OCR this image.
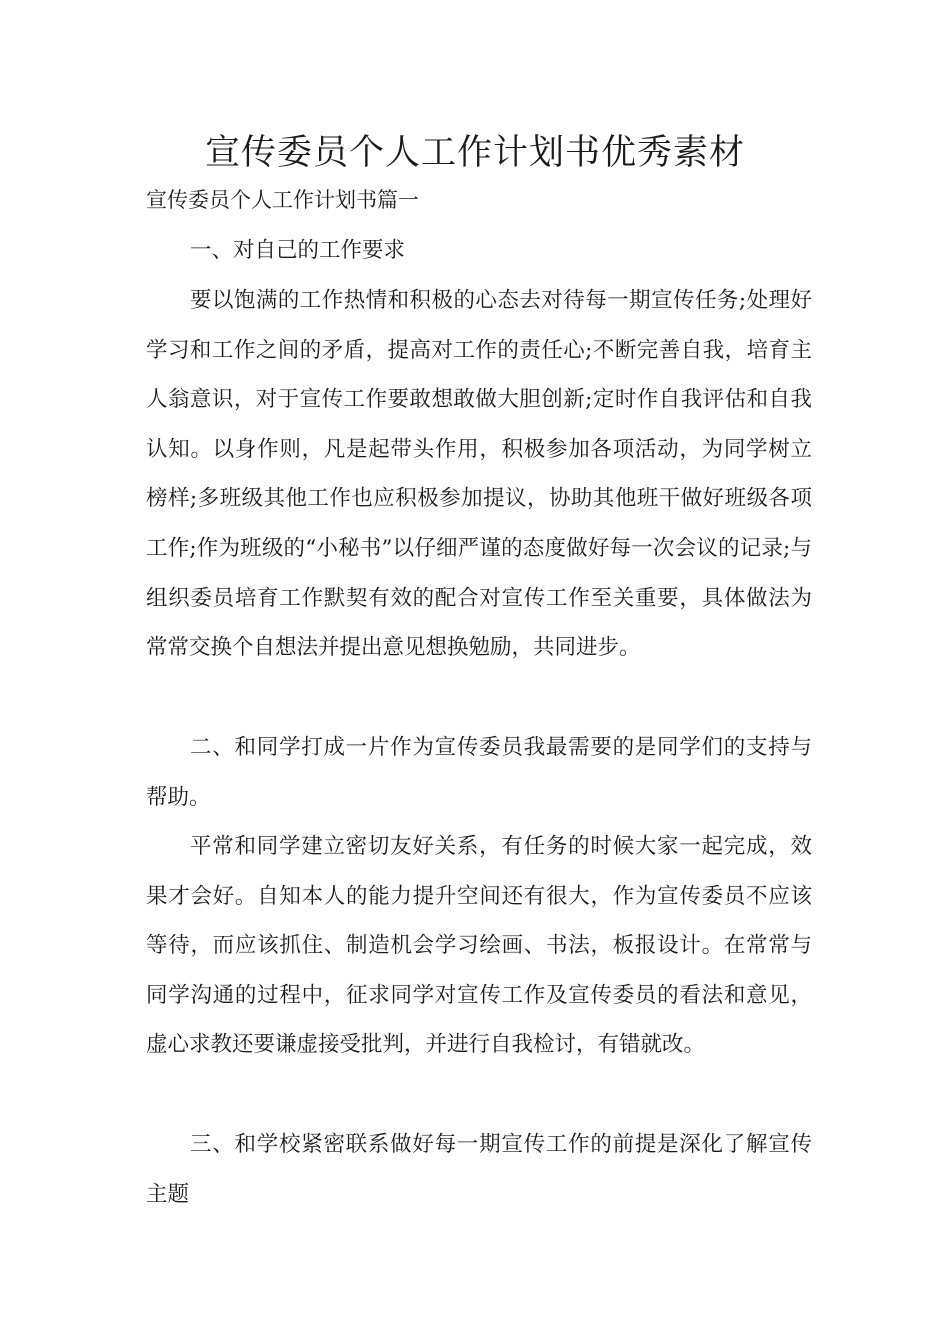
宣传委员个人工作计划书优秀素材

宣传委员个人工作计划书篇一

一、对自己的工作要求

要以饱满的工作热情和积极的心态去对待每一期宣传任务;处理好学习和工作之间的矛盾，提高对工作的责任心;不断完善自我，培育主人翁意识，对于宣传工作要敢想敢做大胆创新;定时作自我评估和自我认知。以身作则，凡是起带头作用，积极参加各项活动，为同学树立榜样;多班级其他工作也应积极参加提议，协助其他班干做好班级各项工作;作为班级的“小秘书”以仔细严谨的态度做好每一次会议的记录;与组织委员培育工作默契有效的配合对宣传工作至关重要，具体做法为常常交换个自想法并提出意见想换勉励，共同进步。

二、和同学打成一片作为宣传委员我最需要的是同学们的支持与帮助。

平常和同学建立密切友好关系，有任务的时候大家一起完成，效果才会好。自知本人的能力提升空间还有很大，作为宣传委员不应该等待，而应该抓住、制造机会学习绘画、书法，板报设计。在常常与同学沟通的过程中，征求同学对宣传工作及宣传委员的看法和意见，虚心求教还要谦虚接受批判，并进行自我检讨，有错就改。

三、和学校紧密联系做好每一期宣传工作的前提是深化了解宣传主题
